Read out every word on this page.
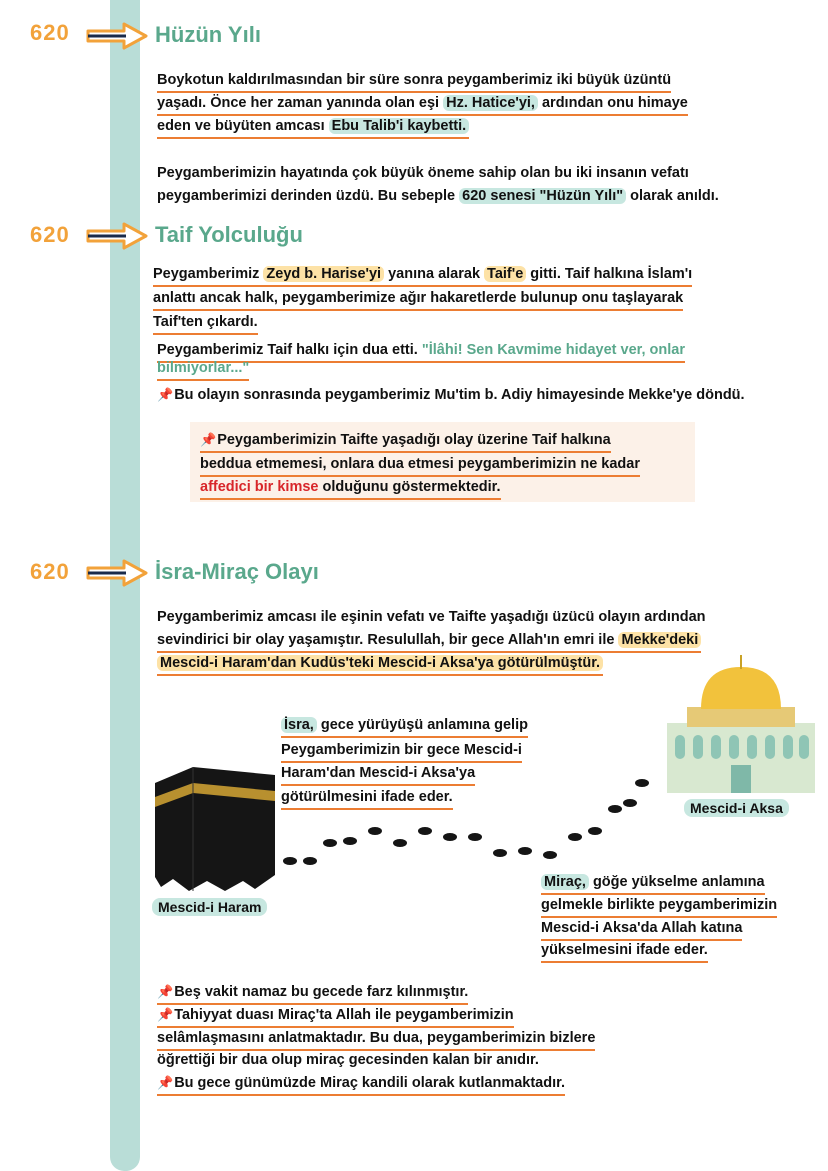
620	Hüzün Yılı
620	Taif Yolculuğu
620	İsra-Miraç Olayı
Boykotun kaldırılmasından bir süre sonra peygamberimiz iki büyük üzüntü
yaşadı. Önce her zaman yanında olan eşi Hz. Hatice'yi, ardından onu himaye
eden ve büyüten amcası Ebu Talib'i kaybetti.
Peygamberimizin hayatında çok büyük öneme sahip olan bu iki insanın vefatı
peygamberimizi derinden üzdü. Bu sebeple 620 senesi "Hüzün Yılı" olarak anıldı.
Peygamberimiz Zeyd b. Harise'yi yanına alarak Taif'e gitti. Taif halkına İslam'ı
anlattı ancak halk, peygamberimize ağır hakaretlerde bulunup onu taşlayarak
Taif'ten çıkardı.
Peygamberimiz Taif halkı için dua etti. "İlâhi! Sen Kavmime hidayet ver, onlar
bilmiyorlar..."
📌Bu olayın sonrasında peygamberimiz Mu'tim b. Adiy himayesinde Mekke'ye döndü.
📌Peygamberimizin Taifte yaşadığı olay üzerine Taif halkına
beddua etmemesi, onlara dua etmesi peygamberimizin ne kadar
affedici bir kimse olduğunu göstermektedir.
Peygamberimiz amcası ile eşinin vefatı ve Taifte yaşadığı üzücü olayın ardından
sevindirici bir olay yaşamıştır. Resulullah, bir gece Allah'ın emri ile Mekke'deki
Mescid-i Haram'dan Kudüs'teki Mescid-i Aksa'ya götürülmüştür.
İsra, gece yürüyüşü anlamına gelip
Peygamberimizin bir gece Mescid-i
Haram'dan Mescid-i Aksa'ya
götürülmesini ifade eder.
Mescid-i Haram
Mescid-i Aksa
Miraç, göğe yükselme anlamına
gelmekle birlikte peygamberimizin
Mescid-i Aksa'da Allah katına
yükselmesini ifade eder.
📌Beş vakit namaz bu gecede farz kılınmıştır.
📌Tahiyyat duası Miraç'ta Allah ile peygamberimizin
selâmlaşmasını anlatmaktadır. Bu dua, peygamberimizin bizlere
öğrettiği bir dua olup miraç gecesinden kalan bir anıdır.
📌Bu gece günümüzde Miraç kandili olarak kutlanmaktadır.
